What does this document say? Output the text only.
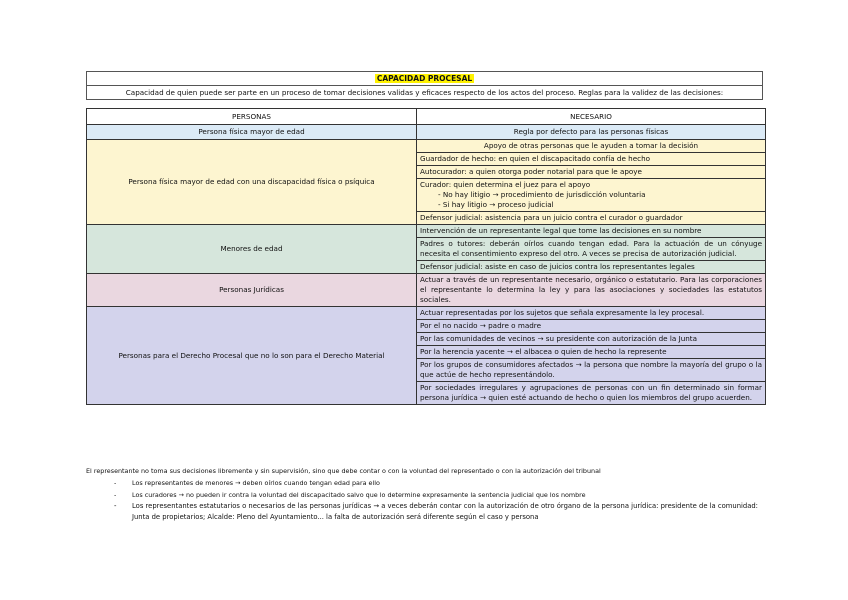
CAPACIDAD PROCESAL
Capacidad de quien puede ser parte en un proceso de tomar decisiones validas y eficaces respecto de los actos del proceso. Reglas para la validez de las decisiones:
PERSONAS	NECESARIO
Persona física mayor de edad	Regla por defecto para las personas físicas
Persona física mayor de edad con una discapacidad física o psíquica	Apoyo de otras personas que le ayuden a tomar la decisión
	Guardador de hecho: en quien el discapacitado confía de hecho
	Autocurador: a quien otorga poder notarial para que le apoye
	Curador: quien determina el juez para el apoyo
- No hay litigio → procedimiento de jurisdicción voluntaria
- Si hay litigio → proceso judicial

	Defensor judicial: asistencia para un juicio contra el curador o guardador
Menores de edad	Intervención de un representante legal que tome las decisiones en su nombre
	Padres o tutores: deberán oírlos cuando tengan edad. Para la actuación de un cónyuge necesita el consentimiento expreso del otro. A veces se precisa de autorización judicial.
	Defensor judicial: asiste en caso de juicios contra los representantes legales
Personas Jurídicas	Actuar a través de un representante necesario, orgánico o estatutario. Para las corporaciones el representante lo determina la ley y para las asociaciones y sociedades las estatutos sociales.
Personas para el Derecho Procesal que no lo son para el Derecho Material	Actuar representadas por los sujetos que señala expresamente la ley procesal.
	Por el no nacido → padre o madre
	Por las comunidades de vecinos → su presidente con autorización de la Junta
	Por la herencia yacente → el albacea o quien de hecho la represente
	Por los grupos de consumidores afectados → la persona que nombre la mayoría del grupo o la que actúe de hecho representándolo.
	Por sociedades irregulares y agrupaciones de personas con un fin determinado sin formar persona jurídica → quien esté actuando de hecho o quien los miembros del grupo acuerden.
El representante no toma sus decisiones libremente y sin supervisión, sino que debe contar o con la voluntad del representado o con la autorización del tribunal
- Los representantes de menores → deben oírlos cuando tengan edad para ello
- Los curadores → no pueden ir contra la voluntad del discapacitado salvo que lo determine expresamente la sentencia judicial que los nombre
- Los representantes estatutarios o necesarios de las personas jurídicas → a veces deberán contar con la autorización de otro órgano de la persona jurídica: presidente de la comunidad: Junta de propietarios; Alcalde: Pleno del Ayuntamiento... la falta de autorización será diferente según el caso y persona
